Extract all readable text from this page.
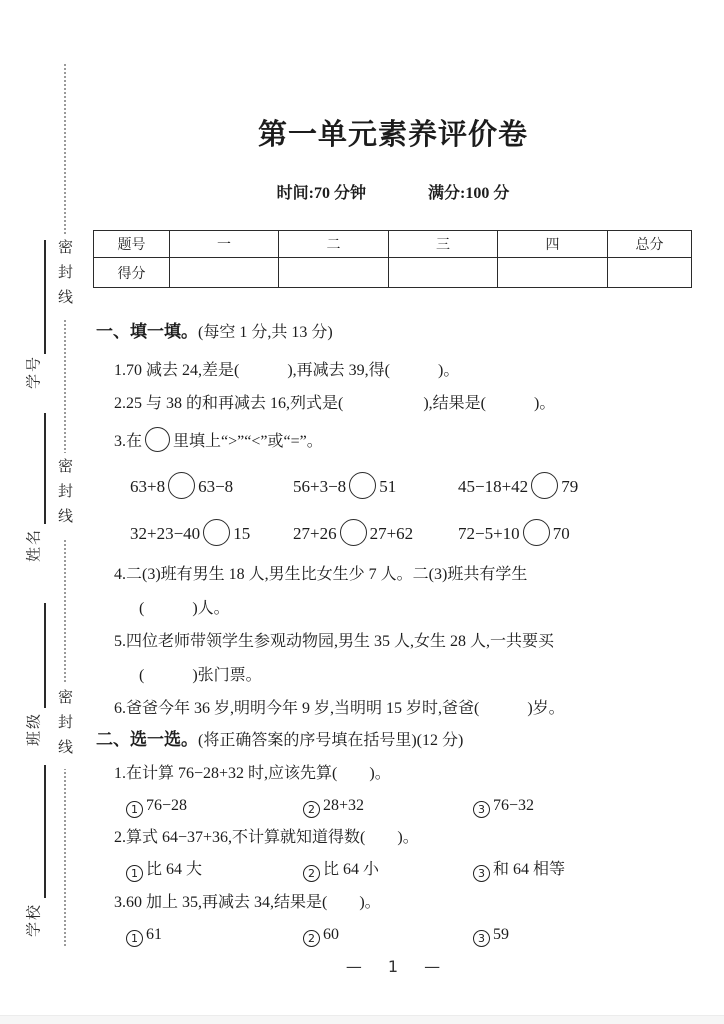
密封线
密封线
密封线
学号
姓名
班级
学校
第一单元素养评价卷
时间:70 分钟	满分:100 分
题号	一	二	三	四	总分
得分					
一、填一填。(每空 1 分,共 13 分)
1.70 减去 24,差是(　　　),再减去 39,得(　　　)。
2.25 与 38 的和再减去 16,列式是(　　　　　),结果是(　　　)。
3.在 里填上“>”“<”或“=”。
63+8 63−8	56+3−8 51	45−18+42 79
32+23−40 15	27+26 27+62	72−5+10 70
4.二(3)班有男生 18 人,男生比女生少 7 人。二(3)班共有学生
(　　　)人。
5.四位老师带领学生参观动物园,男生 35 人,女生 28 人,一共要买
(　　　)张门票。
6.爸爸今年 36 岁,明明今年 9 岁,当明明 15 岁时,爸爸(　　　)岁。
二、选一选。(将正确答案的序号填在括号里)(12 分)
1.在计算 76−28+32 时,应该先算(　　)。
1 76−28	2 28+32	3 76−32
2.算式 64−37+36,不计算就知道得数(　　)。
1 比 64 大	2 比 64 小	3 和 64 相等
3.60 加上 35,再减去 34,结果是(　　)。
1 61	2 60	3 59
— 1 —
